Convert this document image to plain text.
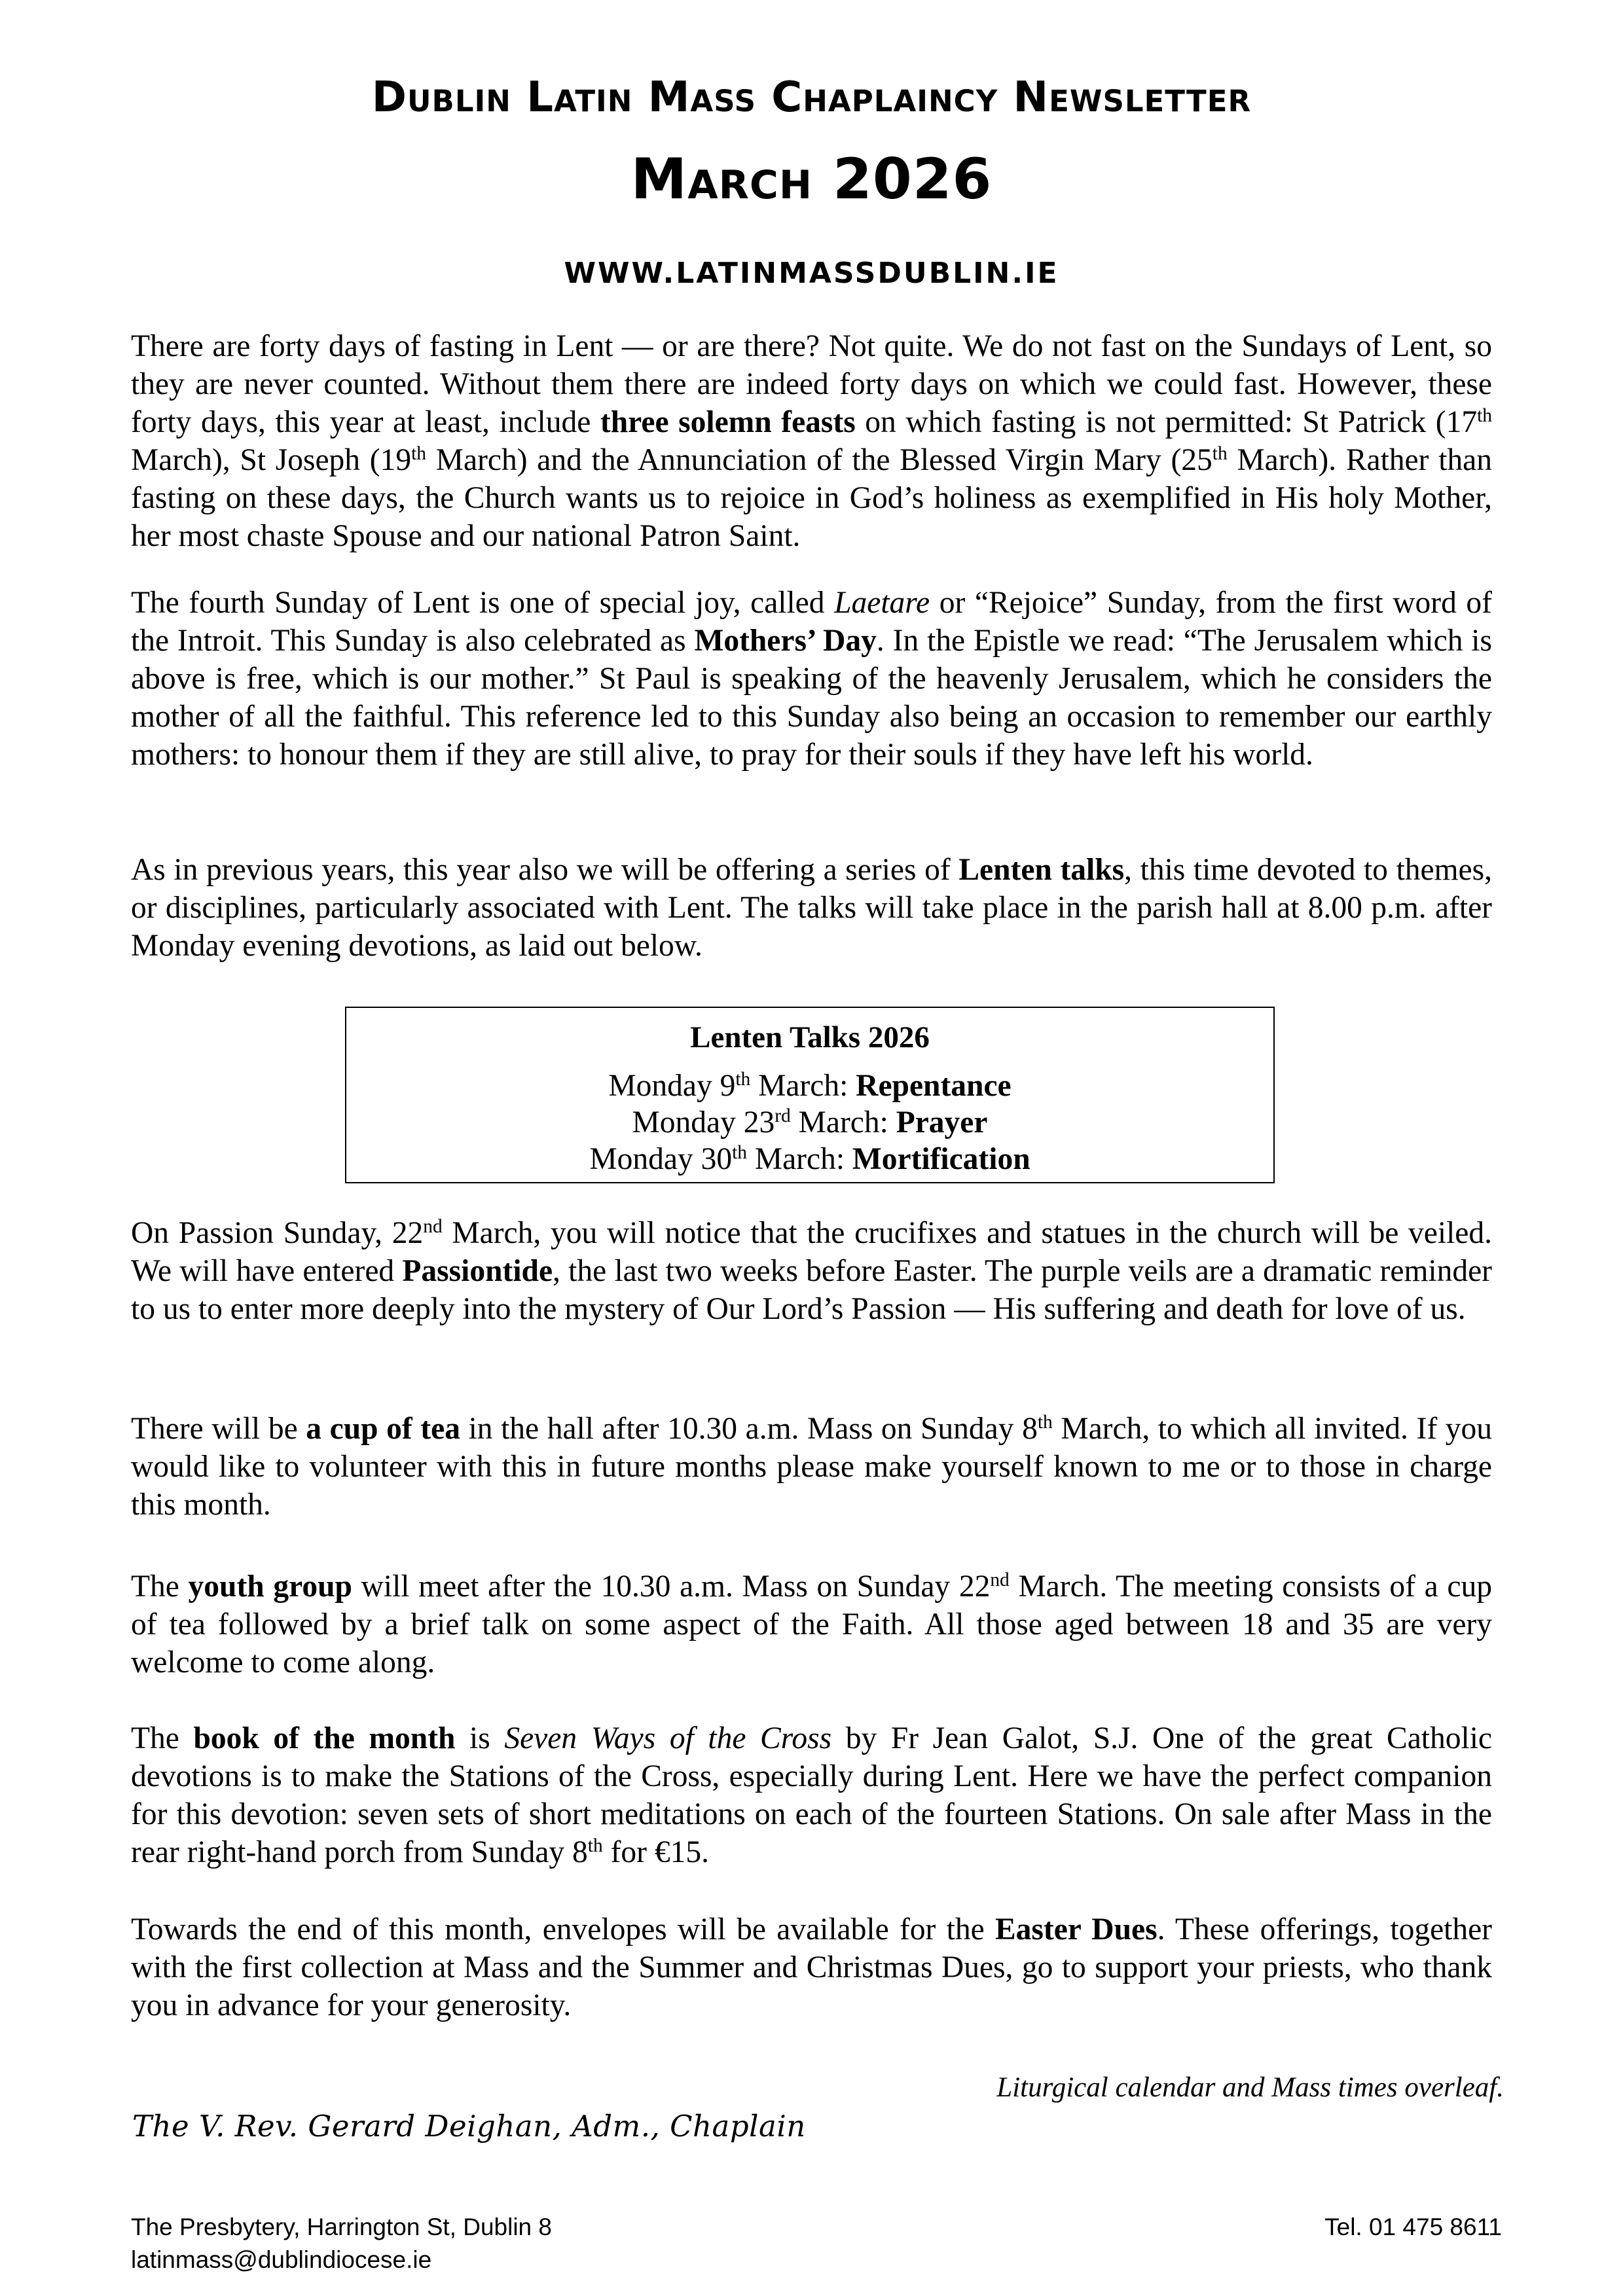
Dublin Latin Mass Chaplaincy Newsletter
March 2026
WWW.LATINMASSDUBLIN.IE

There are forty days of fasting in Lent — or are there? Not quite. We do not fast on the Sundays of Lent, so they are never counted. Without them there are indeed forty days on which we could fast. However, these forty days, this year at least, include three solemn feasts on which fasting is not permitted: St Patrick (17th March), St Joseph (19th March) and the Annunciation of the Blessed Virgin Mary (25th March). Rather than fasting on these days, the Church wants us to rejoice in God’s holiness as exemplified in His holy Mother, her most chaste Spouse and our national Patron Saint.

The fourth Sunday of Lent is one of special joy, called Laetare or “Rejoice” Sunday, from the first word of the Introit. This Sunday is also celebrated as Mothers’ Day. In the Epistle we read: “The Jerusalem which is above is free, which is our mother.” St Paul is speaking of the heavenly Jerusalem, which he considers the mother of all the faithful. This reference led to this Sunday also being an occasion to remember our earthly mothers: to honour them if they are still alive, to pray for their souls if they have left his world.

As in previous years, this year also we will be offering a series of Lenten talks, this time devoted to themes, or disciplines, particularly associated with Lent. The talks will take place in the parish hall at 8.00 p.m. after Monday evening devotions, as laid out below.

Lenten Talks 2026
Monday 9th March: Repentance
Monday 23rd March: Prayer
Monday 30th March: Mortification

On Passion Sunday, 22nd March, you will notice that the crucifixes and statues in the church will be veiled. We will have entered Passiontide, the last two weeks before Easter. The purple veils are a dramatic reminder to us to enter more deeply into the mystery of Our Lord’s Passion — His suffering and death for love of us.

There will be a cup of tea in the hall after 10.30 a.m. Mass on Sunday 8th March, to which all invited. If you would like to volunteer with this in future months please make yourself known to me or to those in charge this month.

The youth group will meet after the 10.30 a.m. Mass on Sunday 22nd March. The meeting consists of a cup of tea followed by a brief talk on some aspect of the Faith. All those aged between 18 and 35 are very welcome to come along.

The book of the month is Seven Ways of the Cross by Fr Jean Galot, S.J. One of the great Catholic devotions is to make the Stations of the Cross, especially during Lent. Here we have the perfect companion for this devotion: seven sets of short meditations on each of the fourteen Stations. On sale after Mass in the rear right-hand porch from Sunday 8th for €15.

Towards the end of this month, envelopes will be available for the Easter Dues. These offerings, together with the first collection at Mass and the Summer and Christmas Dues, go to support your priests, who thank you in advance for your generosity.

Liturgical calendar and Mass times overleaf.
The V. Rev. Gerard Deighan, Adm., Chaplain
The Presbytery, Harrington St, Dublin 8
latinmass@dublindiocese.ie
Tel. 01 475 8611
